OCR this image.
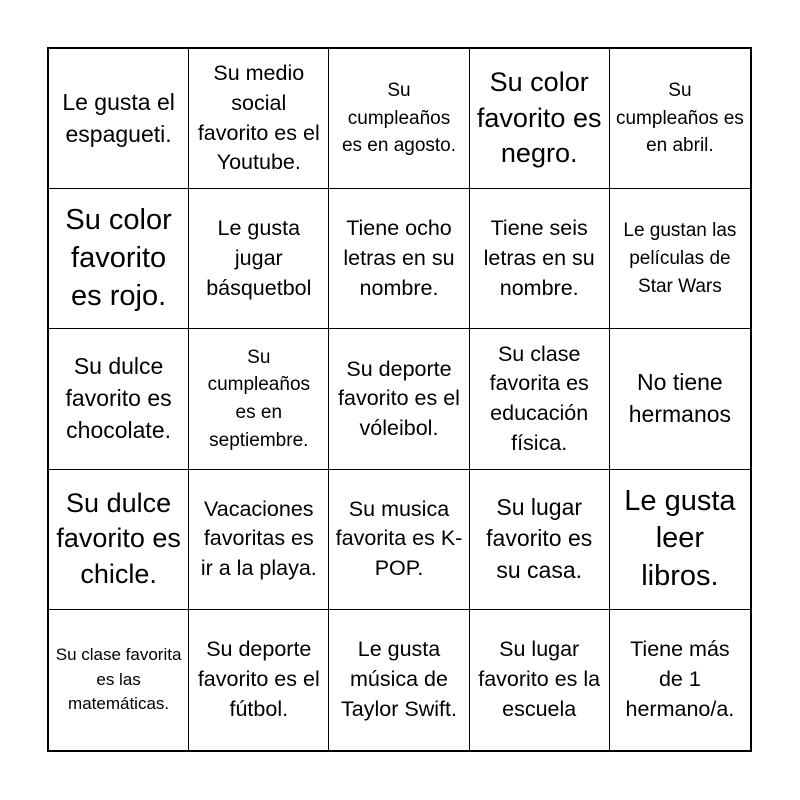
Le gusta el espagueti.
Su medio social favorito es el Youtube.
Su cumpleaños es en agosto.
Su color favorito es negro.
Su cumpleaños es en abril.
Su color favorito es rojo.
Le gusta jugar básquetbol
Tiene ocho letras en su nombre.
Tiene seis letras en su nombre.
Le gustan las películas de Star Wars
Su dulce favorito es chocolate.
Su cumpleaños es en septiembre.
Su deporte favorito es el vóleibol.
Su clase favorita es educación física.
No tiene hermanos
Su dulce favorito es chicle.
Vacaciones favoritas es ir a la playa.
Su musica favorita es K-POP.
Su lugar favorito es su casa.
Le gusta leer libros.
Su clase favorita es las matemáticas.
Su deporte favorito es el fútbol.
Le gusta música de Taylor Swift.
Su lugar favorito es la escuela
Tiene más de 1 hermano/a.
